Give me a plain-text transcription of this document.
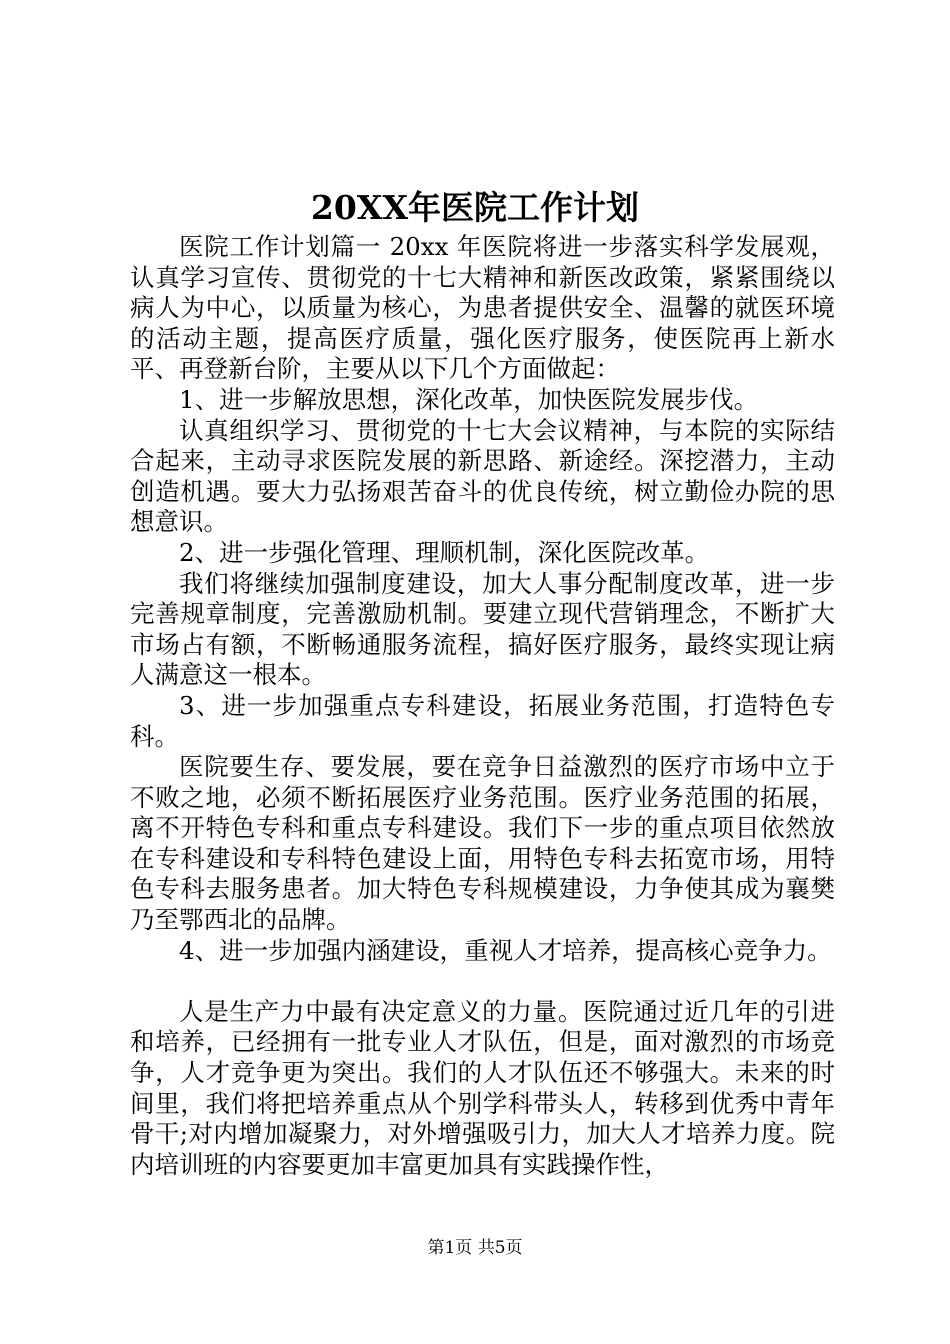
20XX年医院工作计划

医院工作计划篇一 20xx 年医院将进一步落实科学发展观，认真学习宣传、贯彻党的十七大精神和新医改政策，紧紧围绕以病人为中心，以质量为核心，为患者提供安全、温馨的就医环境的活动主题，提高医疗质量，强化医疗服务，使医院再上新水平、再登新台阶，主要从以下几个方面做起：

1、进一步解放思想，深化改革，加快医院发展步伐。

认真组织学习、贯彻党的十七大会议精神，与本院的实际结合起来，主动寻求医院发展的新思路、新途经。深挖潜力，主动创造机遇。要大力弘扬艰苦奋斗的优良传统，树立勤俭办院的思想意识。

2、进一步强化管理、理顺机制，深化医院改革。

我们将继续加强制度建设，加大人事分配制度改革，进一步完善规章制度，完善激励机制。要建立现代营销理念，不断扩大市场占有额，不断畅通服务流程，搞好医疗服务，最终实现让病人满意这一根本。

3、进一步加强重点专科建设，拓展业务范围，打造特色专科。

医院要生存、要发展，要在竞争日益激烈的医疗市场中立于不败之地，必须不断拓展医疗业务范围。医疗业务范围的拓展，离不开特色专科和重点专科建设。我们下一步的重点项目依然放在专科建设和专科特色建设上面，用特色专科去拓宽市场，用特色专科去服务患者。加大特色专科规模建设，力争使其成为襄樊乃至鄂西北的品牌。

4、进一步加强内涵建设，重视人才培养，提高核心竞争力。

人是生产力中最有决定意义的力量。医院通过近几年的引进和培养，已经拥有一批专业人才队伍，但是，面对激烈的市场竞争，人才竞争更为突出。我们的人才队伍还不够强大。未来的时间里，我们将把培养重点从个别学科带头人，转移到优秀中青年骨干;对内增加凝聚力，对外增强吸引力，加大人才培养力度。院内培训班的内容要更加丰富更加具有实践操作性，

第1页 共5页
